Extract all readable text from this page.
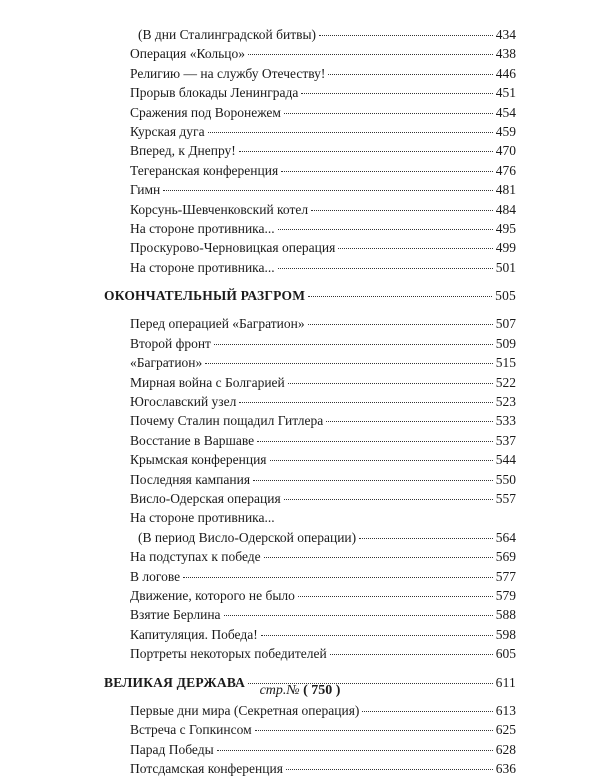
(В дни Сталинградской битвы)	434
Операция «Кольцо»	438
Религию — на службу Отечеству!	446
Прорыв блокады Ленинграда	451
Сражения под Воронежем	454
Курская дуга	459
Вперед, к Днепру!	470
Тегеранская конференция	476
Гимн	481
Корсунь-Шевченковский котел	484
На стороне противника...	495
Проскурово-Черновицкая операция	499
На стороне противника...	501
ОКОНЧАТЕЛЬНЫЙ РАЗГРОМ	505
Перед операцией «Багратион»	507
Второй фронт	509
«Багратион»	515
Мирная война с Болгарией	522
Югославский узел	523
Почему Сталин пощадил Гитлера	533
Восстание в Варшаве	537
Крымская конференция	544
Последняя кампания	550
Висло-Одерская операция	557
На стороне противника...
(В период Висло-Одерской операции)	564
На подступах к победе	569
В логове	577
Движение, которого не было	579
Взятие Берлина	588
Капитуляция. Победа!	598
Портреты некоторых победителей	605
ВЕЛИКАЯ ДЕРЖАВА	611
Первые дни мира (Секретная операция)	613
Встреча с Гопкинсом	625
Парад Победы	628
Потсдамская конференция	636
стр.№ ( 750 )
